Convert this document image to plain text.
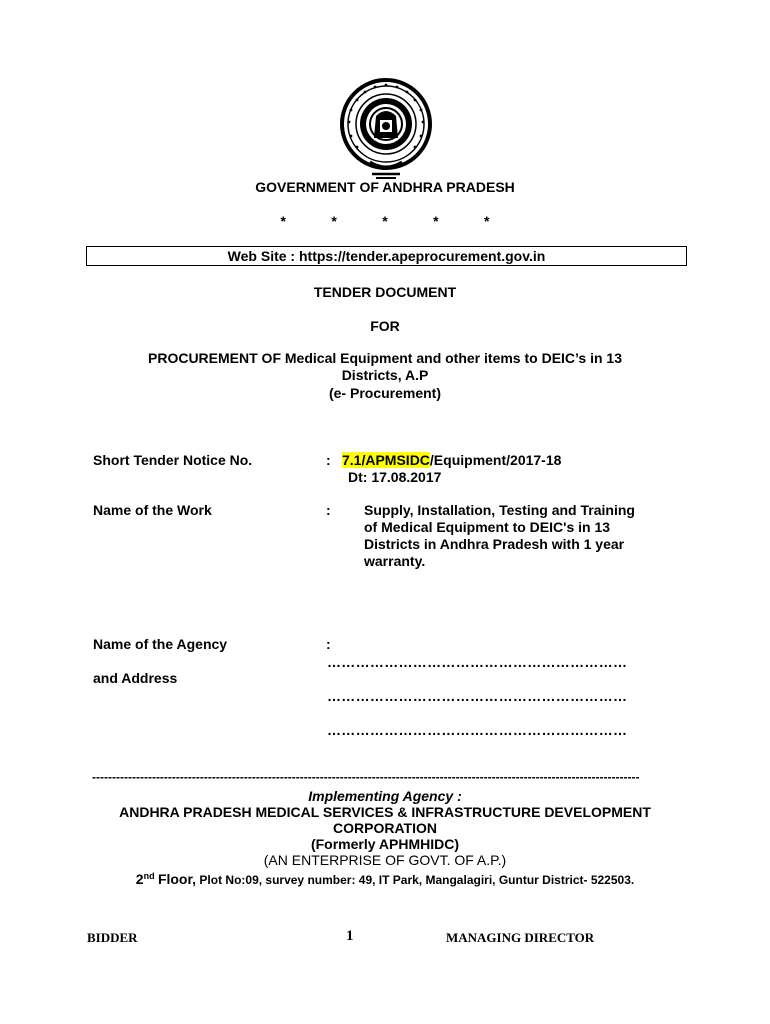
GOVERNMENT OF ANDHRA PRADESH
*	*	*	*	*
Web Site : https://tender.apeprocurement.gov.in
TENDER DOCUMENT
FOR
PROCUREMENT OF Medical Equipment and other items to DEIC’s in 13
Districts, A.P
(e- Procurement)
Short Tender Notice No.	: 7.1/APMSIDC/Equipment/2017-18
Dt: 17.08.2017
Name of the Work	: Supply, Installation, Testing and Training
of Medical Equipment to DEIC's in 13
Districts in Andhra Pradesh with 1 year
warranty.
Name of the Agency
and Address
:
………………………………………………………
………………………………………………………
………………………………………………………
-----------------------------------------------------------------------------------------------------------------------------------------
Implementing Agency :
ANDHRA PRADESH MEDICAL SERVICES & INFRASTRUCTURE DEVELOPMENT
CORPORATION
(Formerly APHMHIDC)
(AN ENTERPRISE OF GOVT. OF A.P.)
2nd Floor, Plot No:09, survey number: 49, IT Park, Mangalagiri, Guntur District- 522503.
BIDDER	1	MANAGING DIRECTOR
